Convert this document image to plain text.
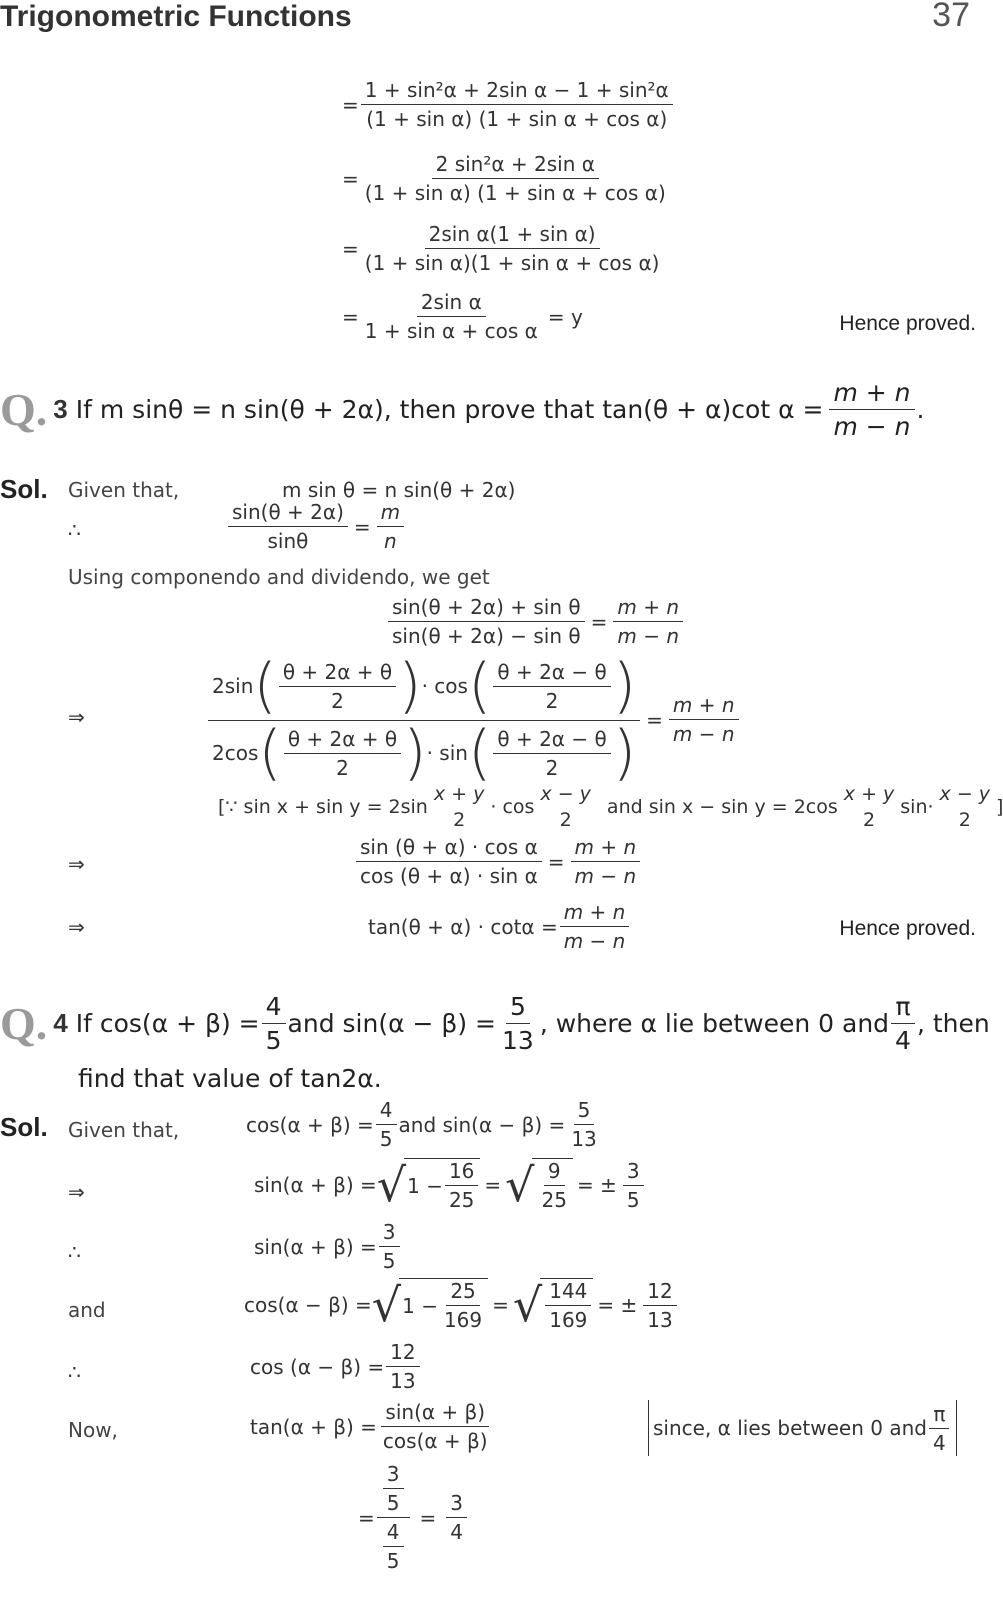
Trigonometric Functions	37
= $\frac{\text{1 + sin²α + 2sin α − 1 + sin²α}}{\text{(1 + sin α) (1 + sin α + cos α)}}$
= $\frac{\text{2 sin²α + 2sin α}}{\text{(1 + sin α) (1 + sin α + cos α)}}$
= $\frac{\text{2sin α(1 + sin α)}}{\text{(1 + sin α)(1 + sin α + cos α)}}$
= $\frac{\text{2sin α}}{\text{1 + sin α + cos α}} = y$	Hence proved.
Q. 3 If m sinθ = n sin(θ + 2α), then prove that tan(θ + α)cot $\alpha = \frac{m + n}{m - n}$ .
Sol. Given that,	m sin θ = n sin(θ + 2α)
∴	$\frac{\sin(\theta + 2\alpha)}{\sin\theta} = \frac{m}{n}$
Using componendo and dividendo, we get
$\frac{\text{sin(θ + 2α) + sin θ}}{\text{sin(θ + 2α) − sin θ}} = \frac{m + n}{m - n}$
⇒
2sin ( $\frac{\theta + 2\alpha + \theta}{2}$ ) · cos ( $\frac{\theta + 2\alpha - \theta}{2}$ )
2cos ( $\frac{\theta + 2\alpha + \theta}{2}$ ) · sin ( $\frac{\theta + 2\alpha - \theta}{2}$ ) = $\frac{m + n}{m - n}$
[∵ sin x + sin y = 2sin
x + y
2
· cos
x − y
2
and sin x − sin y = 2cos
x + y
2
sin·
x − y
2
]
⇒	$\frac{\text{sin (θ + α) · cos α}}{\text{cos (θ + α) · sin α}} = \frac{m + n}{m - n}$
⇒	$\tan(\theta + \alpha) \cdot \cot\alpha = \frac{m + n}{m - n}$	Hence proved.
Q. 4 If $\cos(\alpha + \beta) = \frac{4}{5}$ and $\sin(\alpha - \beta) = \frac{5}{13}$ , where α lie between 0 and $\frac{\pi}{4}$ , then
find that value of tan2α.
Sol. Given that,	$\cos(\alpha + \beta) = \frac{4}{5}$ and $\sin(\alpha - \beta) = \frac{5}{13}$
⇒	sin(α + β) = √ $1 - \frac{16}{25}$ = √ $\frac{9}{25}$ = ± $\frac{3}{5}$
∴	$\sin(\alpha + \beta) = \frac{3}{5}$
and	cos(α − β) = √ $1 - \frac{25}{169}$ = √ $\frac{144}{169}$ = ± $\frac{12}{13}$
∴	$\cos (\alpha - \beta) = \frac{12}{13}$
Now,	$\tan(\alpha + \beta) = \frac{\sin(\alpha + \beta)}{\cos(\alpha + \beta)}$	since, α lies between 0 and $\frac{\pi}{4}$
= $\frac{\frac{3}{5}}{\frac{4}{5}} = \frac{3}{4}$
